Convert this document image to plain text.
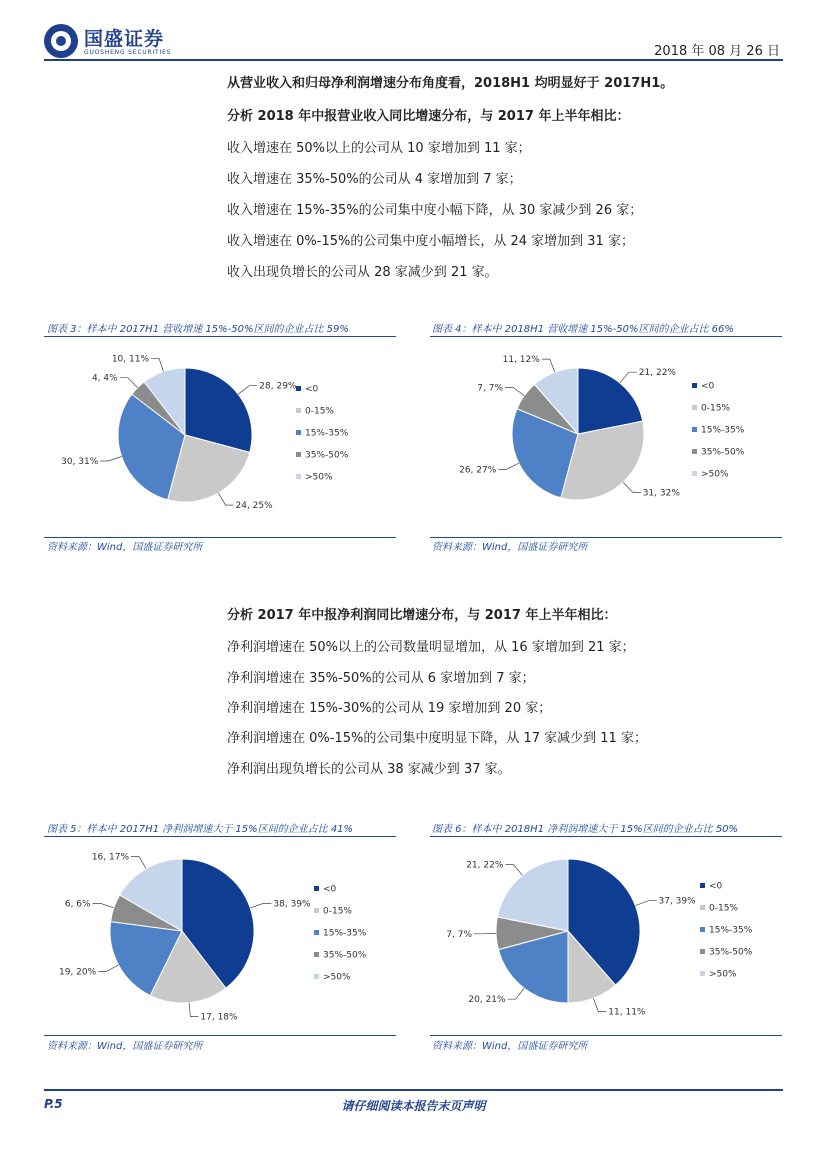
国盛证券
GUOSHENG SECURITIES	2018 年 08 月 26 日
从营业收入和归母净利润增速分布角度看，2018H1 均明显好于 2017H1。
分析 2018 年中报营业收入同比增速分布，与 2017 年上半年相比：
收入增速在 50%以上的公司从 10 家增加到 11 家；
收入增速在 35%-50%的公司从 4 家增加到 7 家；
收入增速在 15%-35%的公司集中度小幅下降，从 30 家减少到 26 家；
收入增速在 0%-15%的公司集中度小幅增长，从 24 家增加到 31 家；
收入出现负增长的公司从 28 家减少到 21 家。
图表 3：样本中 2017H1 营收增速 15%-50%区间的企业占比 59%
28, 29%
24, 25%
30, 31%
4, 4%
10, 11%
<0
0-15%
15%-35%
35%-50%
>50%
资料来源：Wind，国盛证券研究所
图表 4：样本中 2018H1 营收增速 15%-50%区间的企业占比 66%
21, 22%
31, 32%
26, 27%
7, 7%
11, 12%
<0
0-15%
15%-35%
35%-50%
>50%
资料来源：Wind，国盛证券研究所
分析 2017 年中报净利润同比增速分布，与 2017 年上半年相比：
净利润增速在 50%以上的公司数量明显增加，从 16 家增加到 21 家；
净利润增速在 35%-50%的公司从 6 家增加到 7 家；
净利润增速在 15%-30%的公司从 19 家增加到 20 家；
净利润增速在 0%-15%的公司集中度明显下降，从 17 家减少到 11 家；
净利润出现负增长的公司从 38 家减少到 37 家。
图表 5：样本中 2017H1 净利润增速大于 15%区间的企业占比 41%
38, 39%
17, 18%
19, 20%
6, 6%
16, 17%
<0
0-15%
15%-35%
35%-50%
>50%
资料来源：Wind，国盛证券研究所
图表 6：样本中 2018H1 净利润增速大于 15%区间的企业占比 50%
37, 39%
11, 11%
20, 21%
7, 7%
21, 22%
<0
0-15%
15%-35%
35%-50%
>50%
资料来源：Wind，国盛证券研究所
P.5	请仔细阅读本报告末页声明
